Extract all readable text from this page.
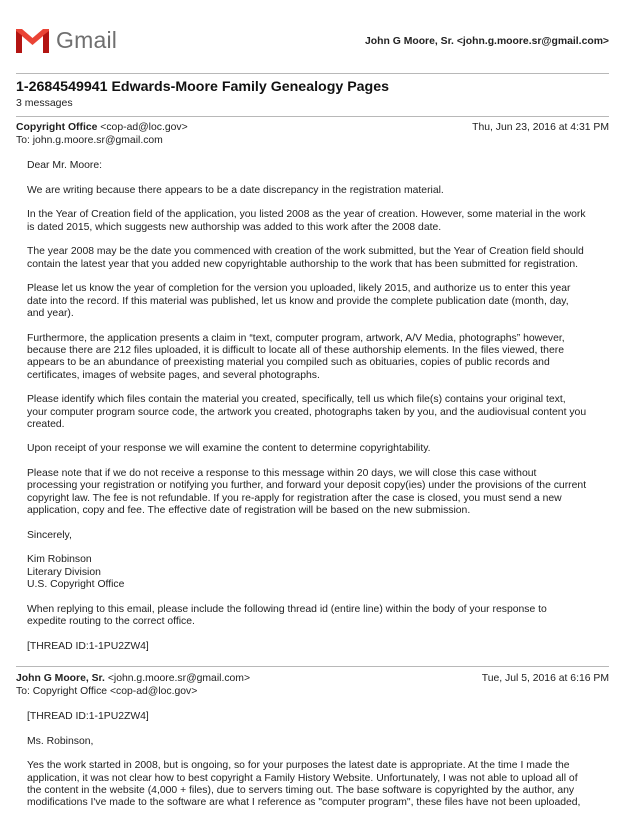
Gmail	John G Moore, Sr. <john.g.moore.sr@gmail.com>
1-2684549941 Edwards-Moore Family Genealogy Pages
3 messages
Copyright Office <cop-ad@loc.gov>	Thu, Jun 23, 2016 at 4:31 PM
To: john.g.moore.sr@gmail.com
Dear Mr. Moore:
We are writing because there appears to be a date discrepancy in the registration material.
In the Year of Creation field of the application, you listed 2008 as the year of creation. However, some material in the work
is dated 2015, which suggests new authorship was added to this work after the 2008 date.
The year 2008 may be the date you commenced with creation of the work submitted, but the Year of Creation field should
contain the latest year that you added new copyrightable authorship to the work that has been submitted for registration.
Please let us know the year of completion for the version you uploaded, likely 2015, and authorize us to enter this year
date into the record. If this material was published, let us know and provide the complete publication date (month, day,
and year).
Furthermore, the application presents a claim in “text, computer program, artwork, A/V Media, photographs” however,
because there are 212 files uploaded, it is difficult to locate all of these authorship elements. In the files viewed, there
appears to be an abundance of preexisting material you compiled such as obituaries, copies of public records and
certificates, images of website pages, and several photographs.
Please identify which files contain the material you created, specifically, tell us which file(s) contains your original text,
your computer program source code, the artwork you created, photographs taken by you, and the audiovisual content you
created.
Upon receipt of your response we will examine the content to determine copyrightability.
Please note that if we do not receive a response to this message within 20 days, we will close this case without
processing your registration or notifying you further, and forward your deposit copy(ies) under the provisions of the current
copyright law. The fee is not refundable. If you re-apply for registration after the case is closed, you must send a new
application, copy and fee. The effective date of registration will be based on the new submission.
Sincerely,
Kim Robinson
Literary Division
U.S. Copyright Office
When replying to this email, please include the following thread id (entire line) within the body of your response to
expedite routing to the correct office.
[THREAD ID:1-1PU2ZW4]
John G Moore, Sr. <john.g.moore.sr@gmail.com>	Tue, Jul 5, 2016 at 6:16 PM
To: Copyright Office <cop-ad@loc.gov>
[THREAD ID:1-1PU2ZW4]
Ms. Robinson,
Yes the work started in 2008, but is ongoing, so for your purposes the latest date is appropriate. At the time I made the
application, it was not clear how to best copyright a Family History Website. Unfortunately, I was not able to upload all of
the content in the website (4,000 + files), due to servers timing out. The base software is copyrighted by the author, any
modifications I've made to the software are what I reference as "computer program", these files have not been uploaded,
